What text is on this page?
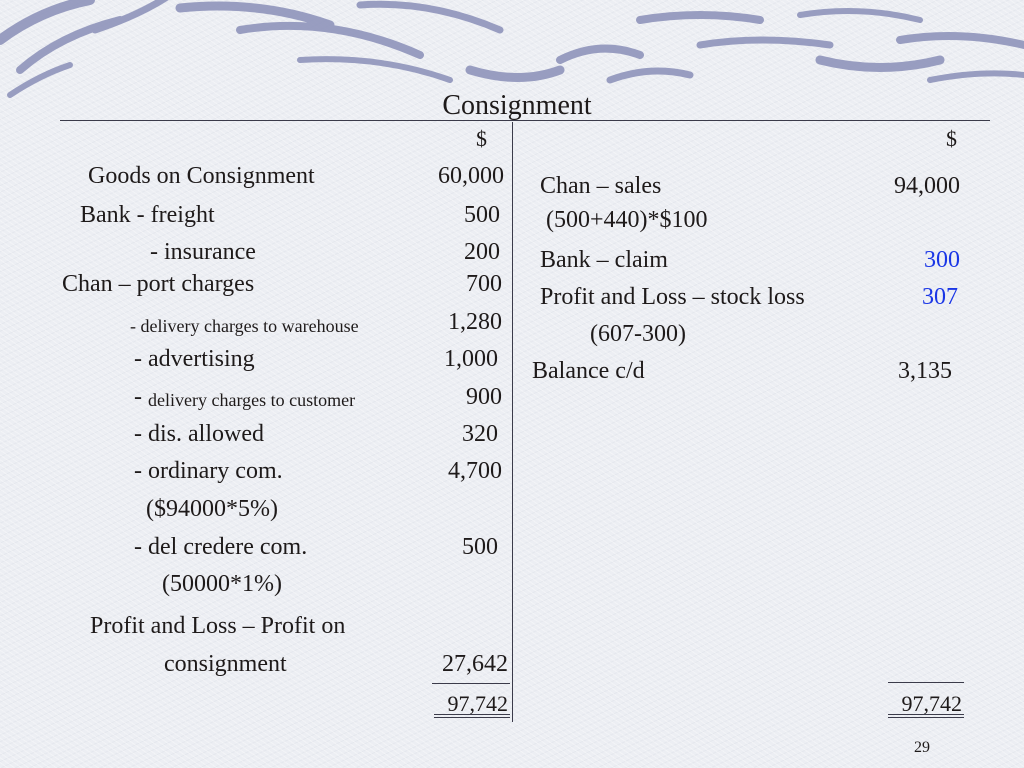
Consignment
$	$
Goods on Consignment	60,000
Bank - freight	500
- insurance	200
Chan – port charges	700
- delivery charges to warehouse	1,280
- advertising	1,000
- delivery charges to customer	900
- dis. allowed	320
- ordinary com.	4,700
($94000*5%)
- del credere com.	500
(50000*1%)
Profit and Loss – Profit on
consignment	27,642
97,742
Chan – sales	94,000
(500+440)*$100
Bank – claim	300
Profit and Loss – stock loss	307
(607-300)
Balance c/d	3,135
97,742
29
